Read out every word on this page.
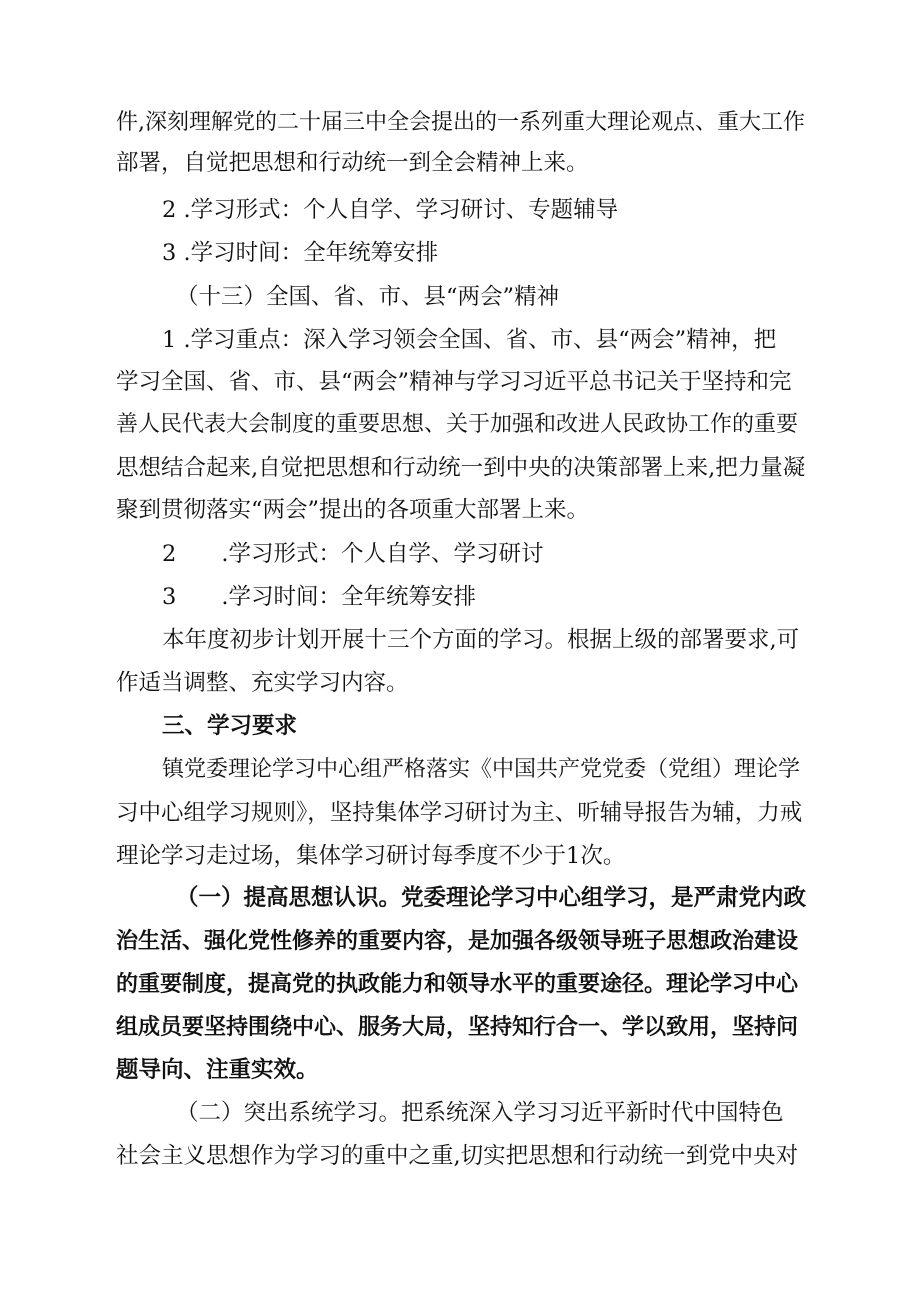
件,深刻理解党的二十届三中全会提出的一系列重大理论观点、重大工作
部署，自觉把思想和行动统一到全会精神上来。
2 .学习形式：个人自学、学习研讨、专题辅导
3 .学习时间：全年统筹安排
（十三）全国、省、市、县“两会”精神
1 .学习重点：深入学习领会全国、省、市、县“两会”精神，把
学习全国、省、市、县“两会”精神与学习习近平总书记关于坚持和完
善人民代表大会制度的重要思想、关于加强和改进人民政协工作的重要
思想结合起来,自觉把思想和行动统一到中央的决策部署上来,把力量凝
聚到贯彻落实“两会”提出的各项重大部署上来。
2　　.学习形式：个人自学、学习研讨
3　　.学习时间：全年统筹安排
本年度初步计划开展十三个方面的学习。根据上级的部署要求,可
作适当调整、充实学习内容。
三、学习要求
镇党委理论学习中心组严格落实《中国共产党党委（党组）理论学
习中心组学习规则》，坚持集体学习研讨为主、听辅导报告为辅，力戒
理论学习走过场，集体学习研讨每季度不少于1次。
（一）提高思想认识。党委理论学习中心组学习，是严肃党内政
治生活、强化党性修养的重要内容，是加强各级领导班子思想政治建设
的重要制度，提高党的执政能力和领导水平的重要途径。理论学习中心
组成员要坚持围绕中心、服务大局，坚持知行合一、学以致用，坚持问
题导向、注重实效。
（二）突出系统学习。把系统深入学习习近平新时代中国特色
社会主义思想作为学习的重中之重,切实把思想和行动统一到党中央对
